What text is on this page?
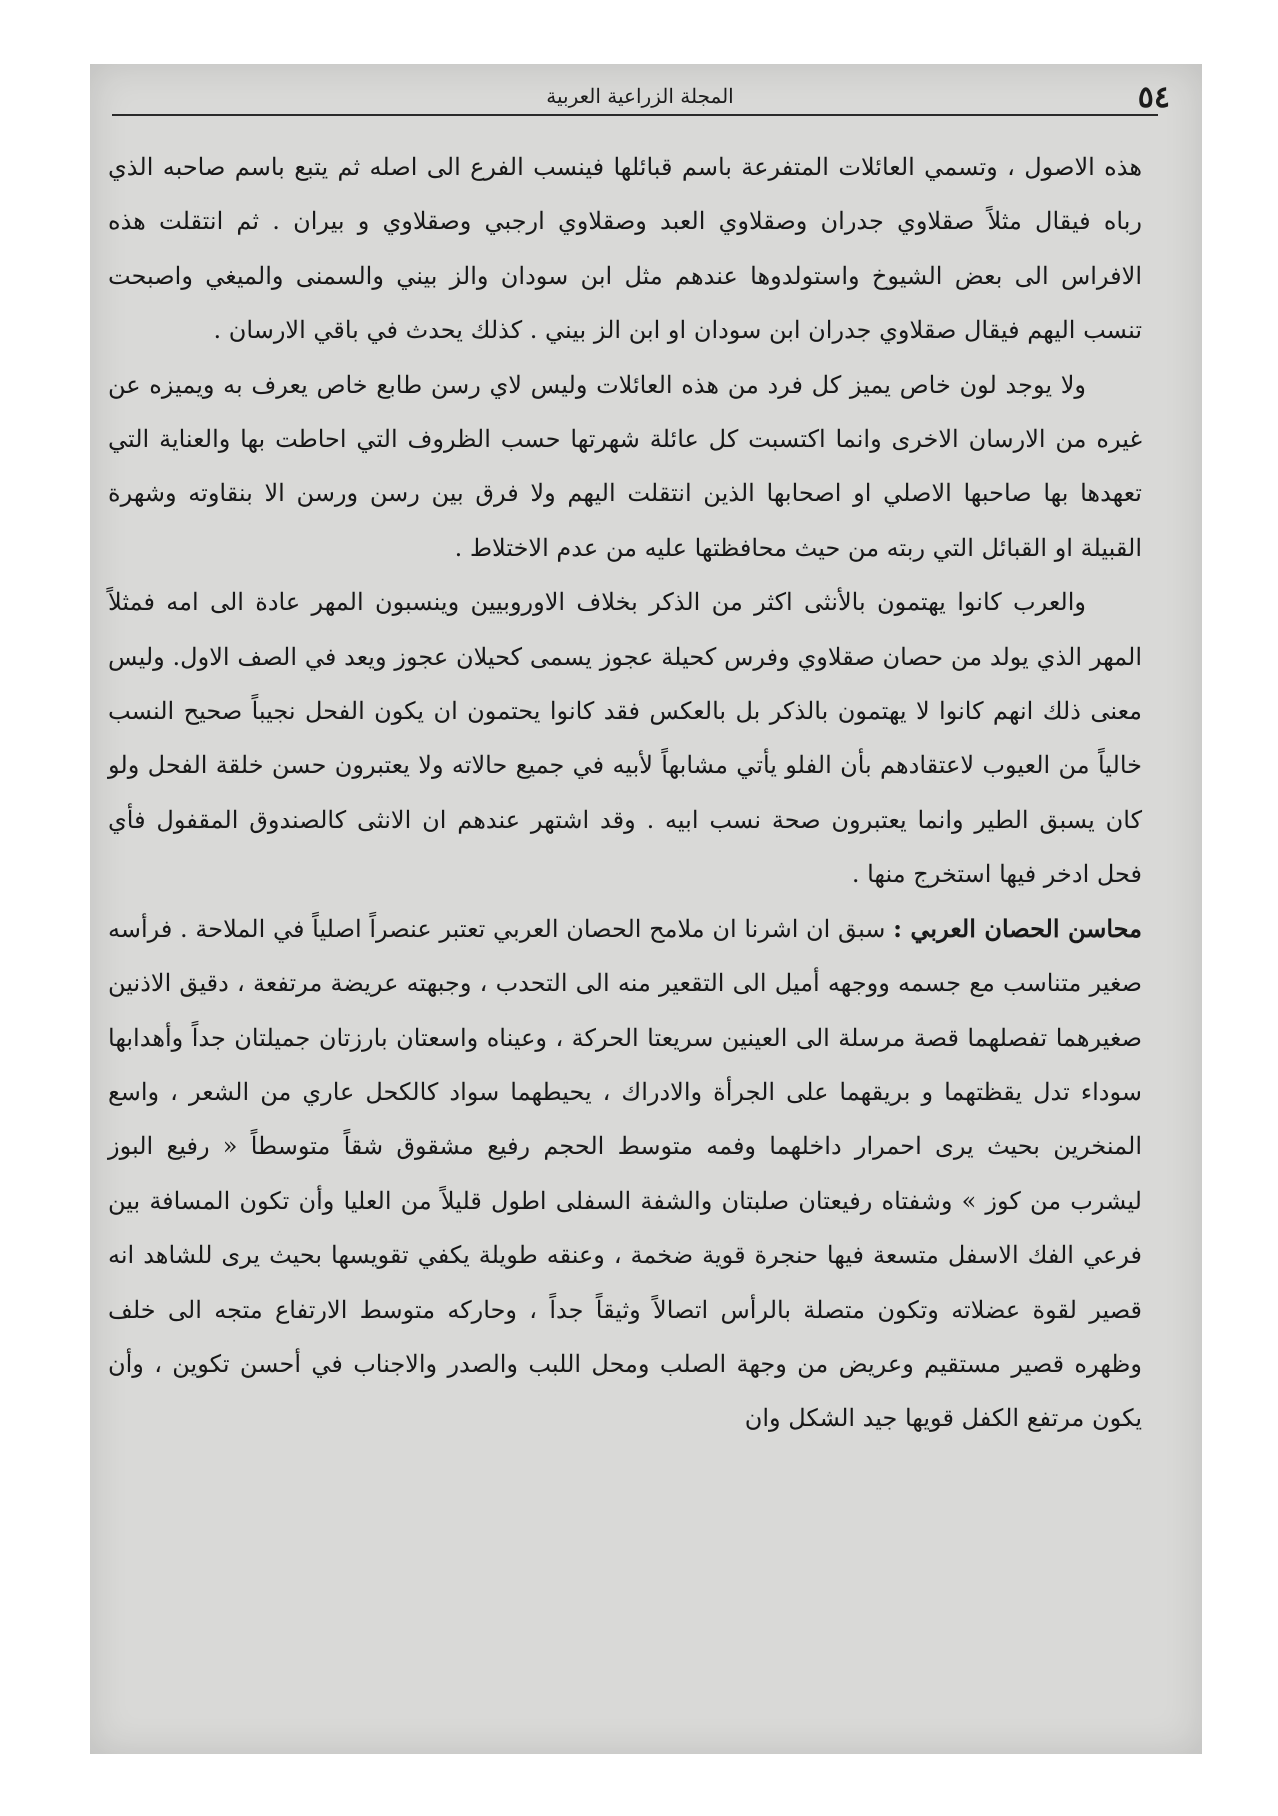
٥٤
المجلة الزراعية العربية

هذه الاصول ، وتسمي العائلات المتفرعة باسم قبائلها فينسب الفرع الى اصله ثم يتبع باسم صاحبه الذي رباه فيقال مثلاً صقلاوي جدران وصقلاوي العبد وصقلاوي ارجبي وصقلاوي و بيران . ثم انتقلت هذه الافراس الى بعض الشيوخ واستولدوها عندهم مثل ابن سودان والز بيني والسمنى والميغي واصبحت تنسب اليهم فيقال صقلاوي جدران ابن سودان او ابن الز بيني . كذلك يحدث في باقي الارسان .

ولا يوجد لون خاص يميز كل فرد من هذه العائلات وليس لاي رسن طابع خاص يعرف به ويميزه عن غيره من الارسان الاخرى وانما اكتسبت كل عائلة شهرتها حسب الظروف التي احاطت بها والعناية التي تعهدها بها صاحبها الاصلي او اصحابها الذين انتقلت اليهم ولا فرق بين رسن ورسن الا بنقاوته وشهرة القبيلة او القبائل التي ربته من حيث محافظتها عليه من عدم الاختلاط .

والعرب كانوا يهتمون بالأنثى اكثر من الذكر بخلاف الاوروبيين وينسبون المهر عادة الى امه فمثلاً المهر الذي يولد من حصان صقلاوي وفرس كحيلة عجوز يسمى كحيلان عجوز ويعد في الصف الاول. وليس معنى ذلك انهم كانوا لا يهتمون بالذكر بل بالعكس فقد كانوا يحتمون ان يكون الفحل نجيباً صحيح النسب خالياً من العيوب لاعتقادهم بأن الفلو يأتي مشابهاً لأبيه في جميع حالاته ولا يعتبرون حسن خلقة الفحل ولو كان يسبق الطير وانما يعتبرون صحة نسب ابيه . وقد اشتهر عندهم ان الانثى كالصندوق المقفول فأي فحل ادخر فيها استخرج منها .

محاسن الحصان العربي : سبق ان اشرنا ان ملامح الحصان العربي تعتبر عنصراً اصلياً في الملاحة . فرأسه صغير متناسب مع جسمه ووجهه أميل الى التقعير منه الى التحدب ، وجبهته عريضة مرتفعة ، دقيق الاذنين صغيرهما تفصلهما قصة مرسلة الى العينين سريعتا الحركة ، وعيناه واسعتان بارزتان جميلتان جداً وأهدابها سوداء تدل يقظتهما و بريقهما على الجرأة والادراك ، يحيطهما سواد كالكحل عاري من الشعر ، واسع المنخرين بحيث يرى احمرار داخلهما وفمه متوسط الحجم رفيع مشقوق شقاً متوسطاً « رفيع البوز ليشرب من كوز » وشفتاه رفيعتان صلبتان والشفة السفلى اطول قليلاً من العليا وأن تكون المسافة بين فرعي الفك الاسفل متسعة فيها حنجرة قوية ضخمة ، وعنقه طويلة يكفي تقويسها بحيث يرى للشاهد انه قصير لقوة عضلاته وتكون متصلة بالرأس اتصالاً وثيقاً جداً ، وحاركه متوسط الارتفاع متجه الى خلف وظهره قصير مستقيم وعريض من وجهة الصلب ومحل اللبب والصدر والاجناب في أحسن تكوين ، وأن يكون مرتفع الكفل قويها جيد الشكل وان
